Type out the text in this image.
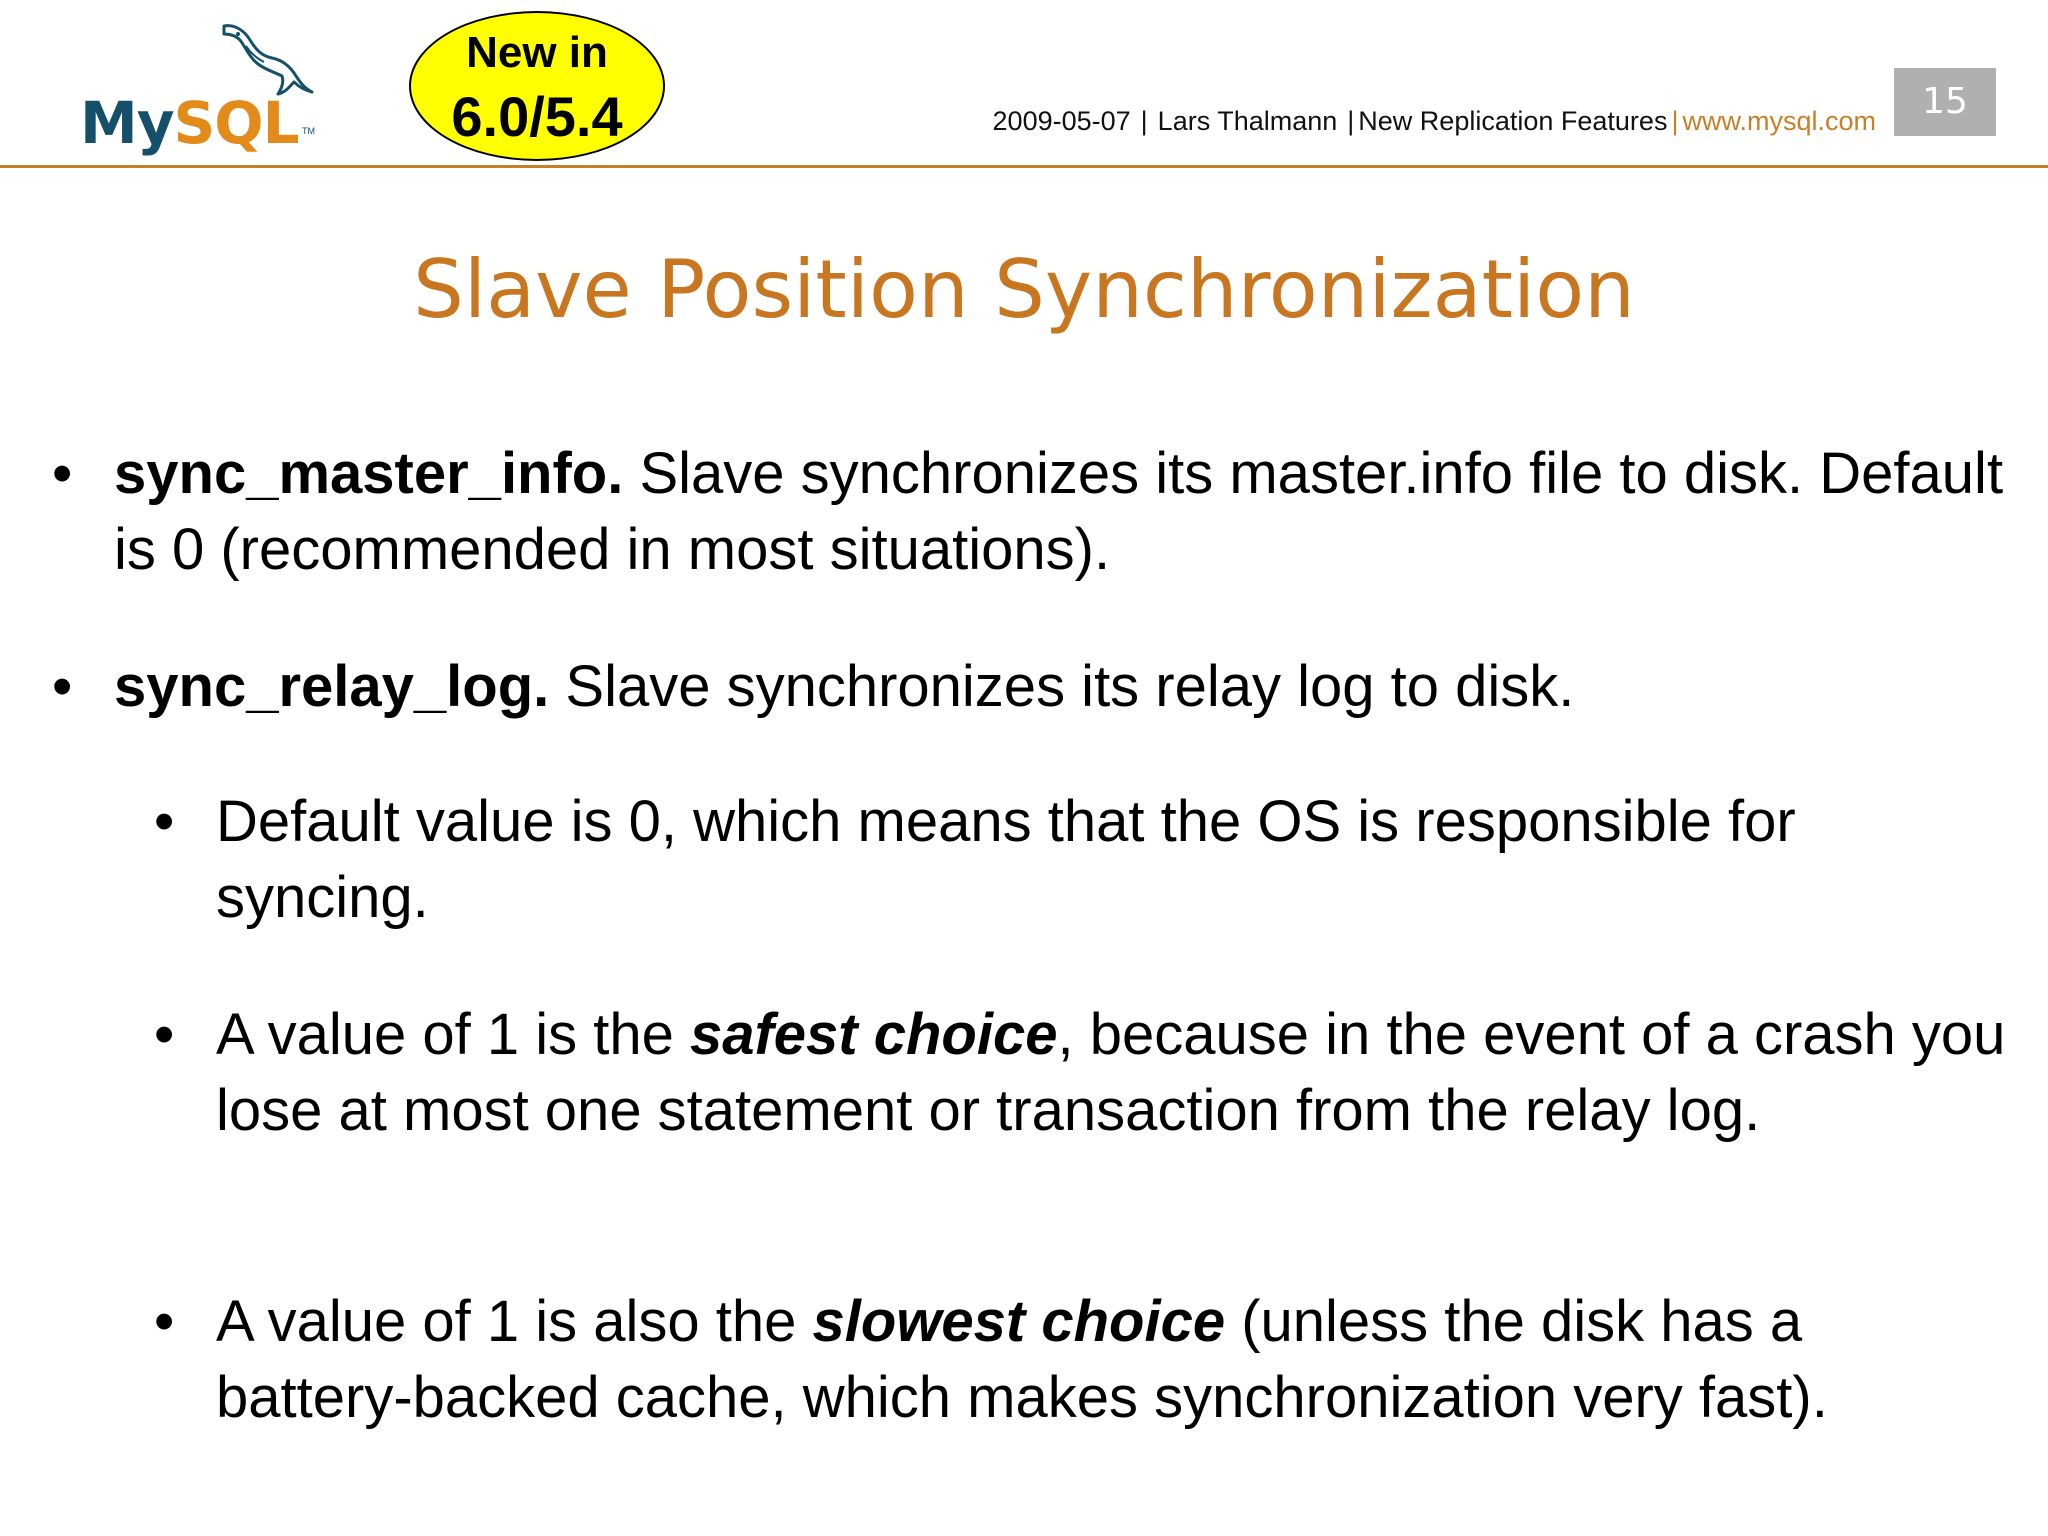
MySQL TM
New in
6.0/5.4	2009-05-07 | Lars Thalmann | New Replication Features | www.mysql.com	15
Slave Position Synchronization
• sync_master_info. Slave synchronizes its master.info file to disk. Default is 0 (recommended in most situations).
• sync_relay_log. Slave synchronizes its relay log to disk.
• Default value is 0, which means that the OS is responsible for syncing.
• A value of 1 is the safest choice, because in the event of a crash you lose at most one statement or transaction from the relay log.
• A value of 1 is also the slowest choice (unless the disk has a battery-backed cache, which makes synchronization very fast).
